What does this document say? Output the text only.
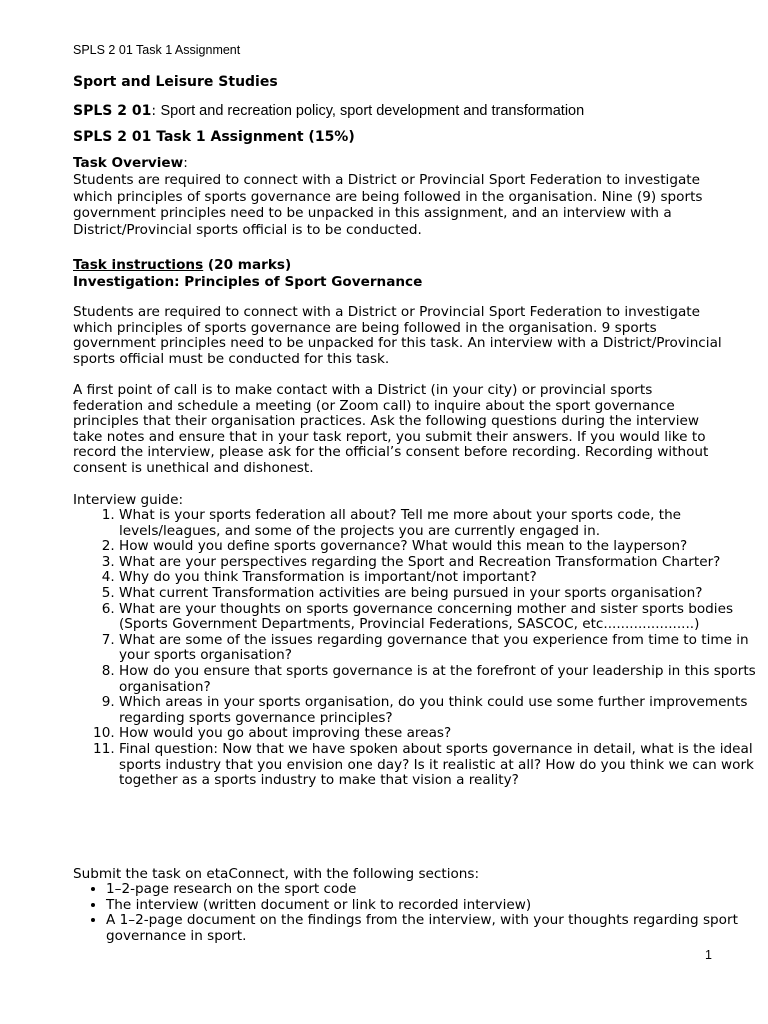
SPLS 2 01 Task 1 Assignment
Sport and Leisure Studies
SPLS 2 01: Sport and recreation policy, sport development and transformation
SPLS 2 01 Task 1 Assignment (15%)
Task Overview:
Students are required to connect with a District or Provincial Sport Federation to investigate which principles of sports governance are being followed in the organisation. Nine (9) sports government principles need to be unpacked in this assignment, and an interview with a District/Provincial sports official is to be conducted.
Task instructions (20 marks)
Investigation: Principles of Sport Governance

Students are required to connect with a District or Provincial Sport Federation to investigate which principles of sports governance are being followed in the organisation. 9 sports government principles need to be unpacked for this task. An interview with a District/Provincial sports official must be conducted for this task.

A first point of call is to make contact with a District (in your city) or provincial sports federation and schedule a meeting (or Zoom call) to inquire about the sport governance principles that their organisation practices. Ask the following questions during the interview take notes and ensure that in your task report, you submit their answers. If you would like to record the interview, please ask for the official’s consent before recording. Recording without consent is unethical and dishonest.

Interview guide:
1. What is your sports federation all about? Tell me more about your sports code, the levels/leagues, and some of the projects you are currently engaged in.
2. How would you define sports governance? What would this mean to the layperson?
3. What are your perspectives regarding the Sport and Recreation Transformation Charter?
4. Why do you think Transformation is important/not important?
5. What current Transformation activities are being pursued in your sports organisation?
6. What are your thoughts on sports governance concerning mother and sister sports bodies (Sports Government Departments, Provincial Federations, SASCOC, etc.....................)
7. What are some of the issues regarding governance that you experience from time to time in your sports organisation?
8. How do you ensure that sports governance is at the forefront of your leadership in this sports organisation?
9. Which areas in your sports organisation, do you think could use some further improvements regarding sports governance principles?
10. How would you go about improving these areas?
11. Final question: Now that we have spoken about sports governance in detail, what is the ideal sports industry that you envision one day? Is it realistic at all? How do you think we can work together as a sports industry to make that vision a reality?
Submit the task on etaConnect, with the following sections:
• 1–2-page research on the sport code
• The interview (written document or link to recorded interview)
• A 1–2-page document on the findings from the interview, with your thoughts regarding sport governance in sport.
1
